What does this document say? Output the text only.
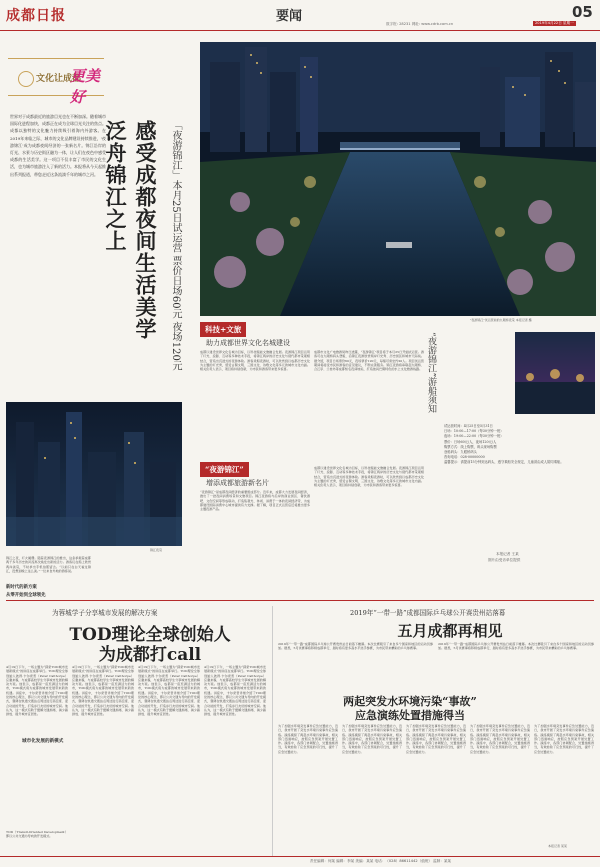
成都日报	要闻	05
数字报: 28231 网址: www.cdrb.com.cn	2019年4月22日 星期一
文化让成都
更美好
世界对于成都最近的旅游目光也在不断加深。随着城市国际化进程加快，成都正在成为全球目光关注的焦点。成都以独特的文化魅力持续吸引着海内外游客。在2019年来临之际，城市的文化品牌建设持续推进，'夜游锦江'成为成都夜间经济的一张新名片。锦江沿岸的灯光、水景与历史街区融为一体，让人们在夜色中感受成都的生活美学。这一项目不仅丰富了市民的文化生活，也为城市旅游注入了新的活力。本报将从今天起推出系列报道，带您走近这条流淌千年的城市之河。	感受成都夜间生活美学
泛舟锦江之上	「夜游锦江」本月25日试运营 票价日场60元 夜场120元	"夜游锦江"试运营前的九眼桥夜景 本报记者 摄
科技+文旅
助力成都世界文化名城建设
成都以建设世界文化名城为目标，以科技赋能文旅融合发展。夜游锦江项目运用了灯光、投影、互动等多种技术手段，将锦江两岸的历史文化与现代都市景观相结合，营造出沉浸式的夜游体验。游客乘船夜游时，可以欣赏到以成都历史文化为主题的灯光秀，感受古蜀文明、三国文化、诗歌文化等多元的城市文化内涵。相关负责人表示，项目将持续创新，为市民和游客带来更多惊喜。
成都市文化广电旅游局昨日透露，“夜游锦江”项目将于本月25日开始试运营。游客可在九眼桥码头登船，沿锦江夜游欣赏两岸灯光秀、历史街区和城市天际线。据介绍，项目日场票价60元，夜场票价120元，每船可乘坐约20人。项目试运营期间将接受市民和游客的意见建议，不断完善服务。锦江夜游将串联起九眼桥、合江亭、兰桂坊等成都知名夜间地标，打造独具巴蜀特色的水上文化旅游线路。 “夜游锦江”游船须知
试运营时间：4月25日至5月31日
日场：10:00—17:00（每30分钟一班）
夜场：19:00—22:00（每30分钟一班）
票价：日场60元/人，夜场120元/人
购票方式：线上购票，码头现场购票
登船码头：九眼桥码头
咨询电话：028-00000000
温馨提示：请提前15分钟到达码头，遵守乘船安全规定，儿童须由成人陪同乘船。
本报记者 王某
图片由受访单位提供
锦江夜景
锦江之夜，灯火阑珊。随着夜游锦江的推出，这条承载着成都两千多年历史的河流再次焕发出新的活力。游客们在船上欣赏两岸美景，不时拿出手机拍照留念。“以前只在白天看过锦江，没想到晚上这么美。”一位来自外地的游客说。
新时代的新方案
从零开始到全球领先
“夜游锦江”
增添成都旅游新名片
“夜游锦江”是成都夜间经济的重要组成部分。近年来，成都大力发展夜间经济，推出了一批夜间消费场景和文旅项目。锦江夜游将与沿岸的商业街区、餐饮酒吧、文创空间等形成联动，打造集观光、休闲、消费于一体的夜间经济带，为成都建设国际消费中心城市提供有力支撑。据了解，项目正式运营后还将推出更多主题夜游产品。
成都以建设世界文化名城为目标，以科技赋能文旅融合发展。夜游锦江项目运用了灯光、投影、互动等多种技术手段，将锦江两岸的历史文化与现代都市景观相结合，营造出沉浸式的夜游体验。游客乘船夜游时，可以欣赏到以成都历史文化为主题的灯光秀，感受古蜀文明、三国文化、诗歌文化等多元的城市文化内涵。相关负责人表示，项目将持续创新，为市民和游客带来更多惊喜。
为蓉城学子分享城市发展的解决方案
TOD理论全球创始人
为成都打call
4月19日下午，一场主题为“探索TOD城市发展新模式”的讲座在成都举行。TOD理论全球创始人彼得·卡尔索普（Peter Calthorpe）应邀来蓉，与成都高校学生分享城市发展的解决方案。他表示，成都是一座充满活力的城市，TOD模式将为成都的城市发展带来新的机遇。讲座中，卡尔索普详细介绍了TOD理论的核心理念，即以公共交通为导向的开发模式，强调在轨道交通站点周边进行高密度、混合功能的开发，打造步行友好的城市空间。他认为，这一模式有助于缓解交通拥堵、减少碳排放、提升城市宜居性。
城市化发展的新模式
4月19日下午，一场主题为“探索TOD城市发展新模式”的讲座在成都举行。TOD理论全球创始人彼得·卡尔索普（Peter Calthorpe）应邀来蓉，与成都高校学生分享城市发展的解决方案。他表示，成都是一座充满活力的城市，TOD模式将为成都的城市发展带来新的机遇。讲座中，卡尔索普详细介绍了TOD理论的核心理念，即以公共交通为导向的开发模式，强调在轨道交通站点周边进行高密度、混合功能的开发，打造步行友好的城市空间。他认为，这一模式有助于缓解交通拥堵、减少碳排放、提升城市宜居性。
4月19日下午，一场主题为“探索TOD城市发展新模式”的讲座在成都举行。TOD理论全球创始人彼得·卡尔索普（Peter Calthorpe）应邀来蓉，与成都高校学生分享城市发展的解决方案。他表示，成都是一座充满活力的城市，TOD模式将为成都的城市发展带来新的机遇。讲座中，卡尔索普详细介绍了TOD理论的核心理念，即以公共交通为导向的开发模式，强调在轨道交通站点周边进行高密度、混合功能的开发，打造步行友好的城市空间。他认为，这一模式有助于缓解交通拥堵、减少碳排放、提升城市宜居性。
4月19日下午，一场主题为“探索TOD城市发展新模式”的讲座在成都举行。TOD理论全球创始人彼得·卡尔索普（Peter Calthorpe）应邀来蓉，与成都高校学生分享城市发展的解决方案。他表示，成都是一座充满活力的城市，TOD模式将为成都的城市发展带来新的机遇。讲座中，卡尔索普详细介绍了TOD理论的核心理念，即以公共交通为导向的开发模式，强调在轨道交通站点周边进行高密度、混合功能的开发，打造步行友好的城市空间。他认为，这一模式有助于缓解交通拥堵、减少碳排放、提升城市宜居性。
TOD（Transit-Oriented Development）即以公共交通为导向的开发模式。
2019年“一带一路”成都国际乒乓球公开赛贵州站落幕
五月成都再相见
2019年“一带一路”成都国际乒乓球公开赛贵州站日前落下帷幕。本次比赛吸引了来自多个国家和地区的运动员参加。据悉，5月该赛事将移师成都举行，届时将有更多高水平选手参赛，为市民带来精彩的乒乓球赛事。
2019年“一带一路”成都国际乒乓球公开赛贵州站日前落下帷幕。本次比赛吸引了来自多个国家和地区的运动员参加。据悉，5月该赛事将移师成都举行，届时将有更多高水平选手参赛，为市民带来精彩的乒乓球赛事。
两起突发水环境污染“事故”
应急演练处置措施得当
为了加强水环境突发事件应急处置能力，近日，我市开展了突发水环境污染事件应急演练。演练模拟了两起水环境污染事故，相关部门迅速响应，按照应急预案开展处置工作。演练中，各部门协调配合，处置措施得当，有效检验了应急预案的可行性，提升了应急处置能力。
为了加强水环境突发事件应急处置能力，近日，我市开展了突发水环境污染事件应急演练。演练模拟了两起水环境污染事故，相关部门迅速响应，按照应急预案开展处置工作。演练中，各部门协调配合，处置措施得当，有效检验了应急预案的可行性，提升了应急处置能力。
为了加强水环境突发事件应急处置能力，近日，我市开展了突发水环境污染事件应急演练。演练模拟了两起水环境污染事故，相关部门迅速响应，按照应急预案开展处置工作。演练中，各部门协调配合，处置措施得当，有效检验了应急预案的可行性，提升了应急处置能力。
为了加强水环境突发事件应急处置能力，近日，我市开展了突发水环境污染事件应急演练。演练模拟了两起水环境污染事故，相关部门迅速响应，按照应急预案开展处置工作。演练中，各部门协调配合，处置措施得当，有效检验了应急预案的可行性，提升了应急处置能力。
为了加强水环境突发事件应急处置能力，近日，我市开展了突发水环境污染事件应急演练。演练模拟了两起水环境污染事故，相关部门迅速响应，按照应急预案开展处置工作。演练中，各部门协调配合，处置措施得当，有效检验了应急预案的可行性，提升了应急处置能力。
本报记者 某某
责任编辑：何某 编辑：李某 美编：某某 电话：（028）86611442（值班） 监制：某某
